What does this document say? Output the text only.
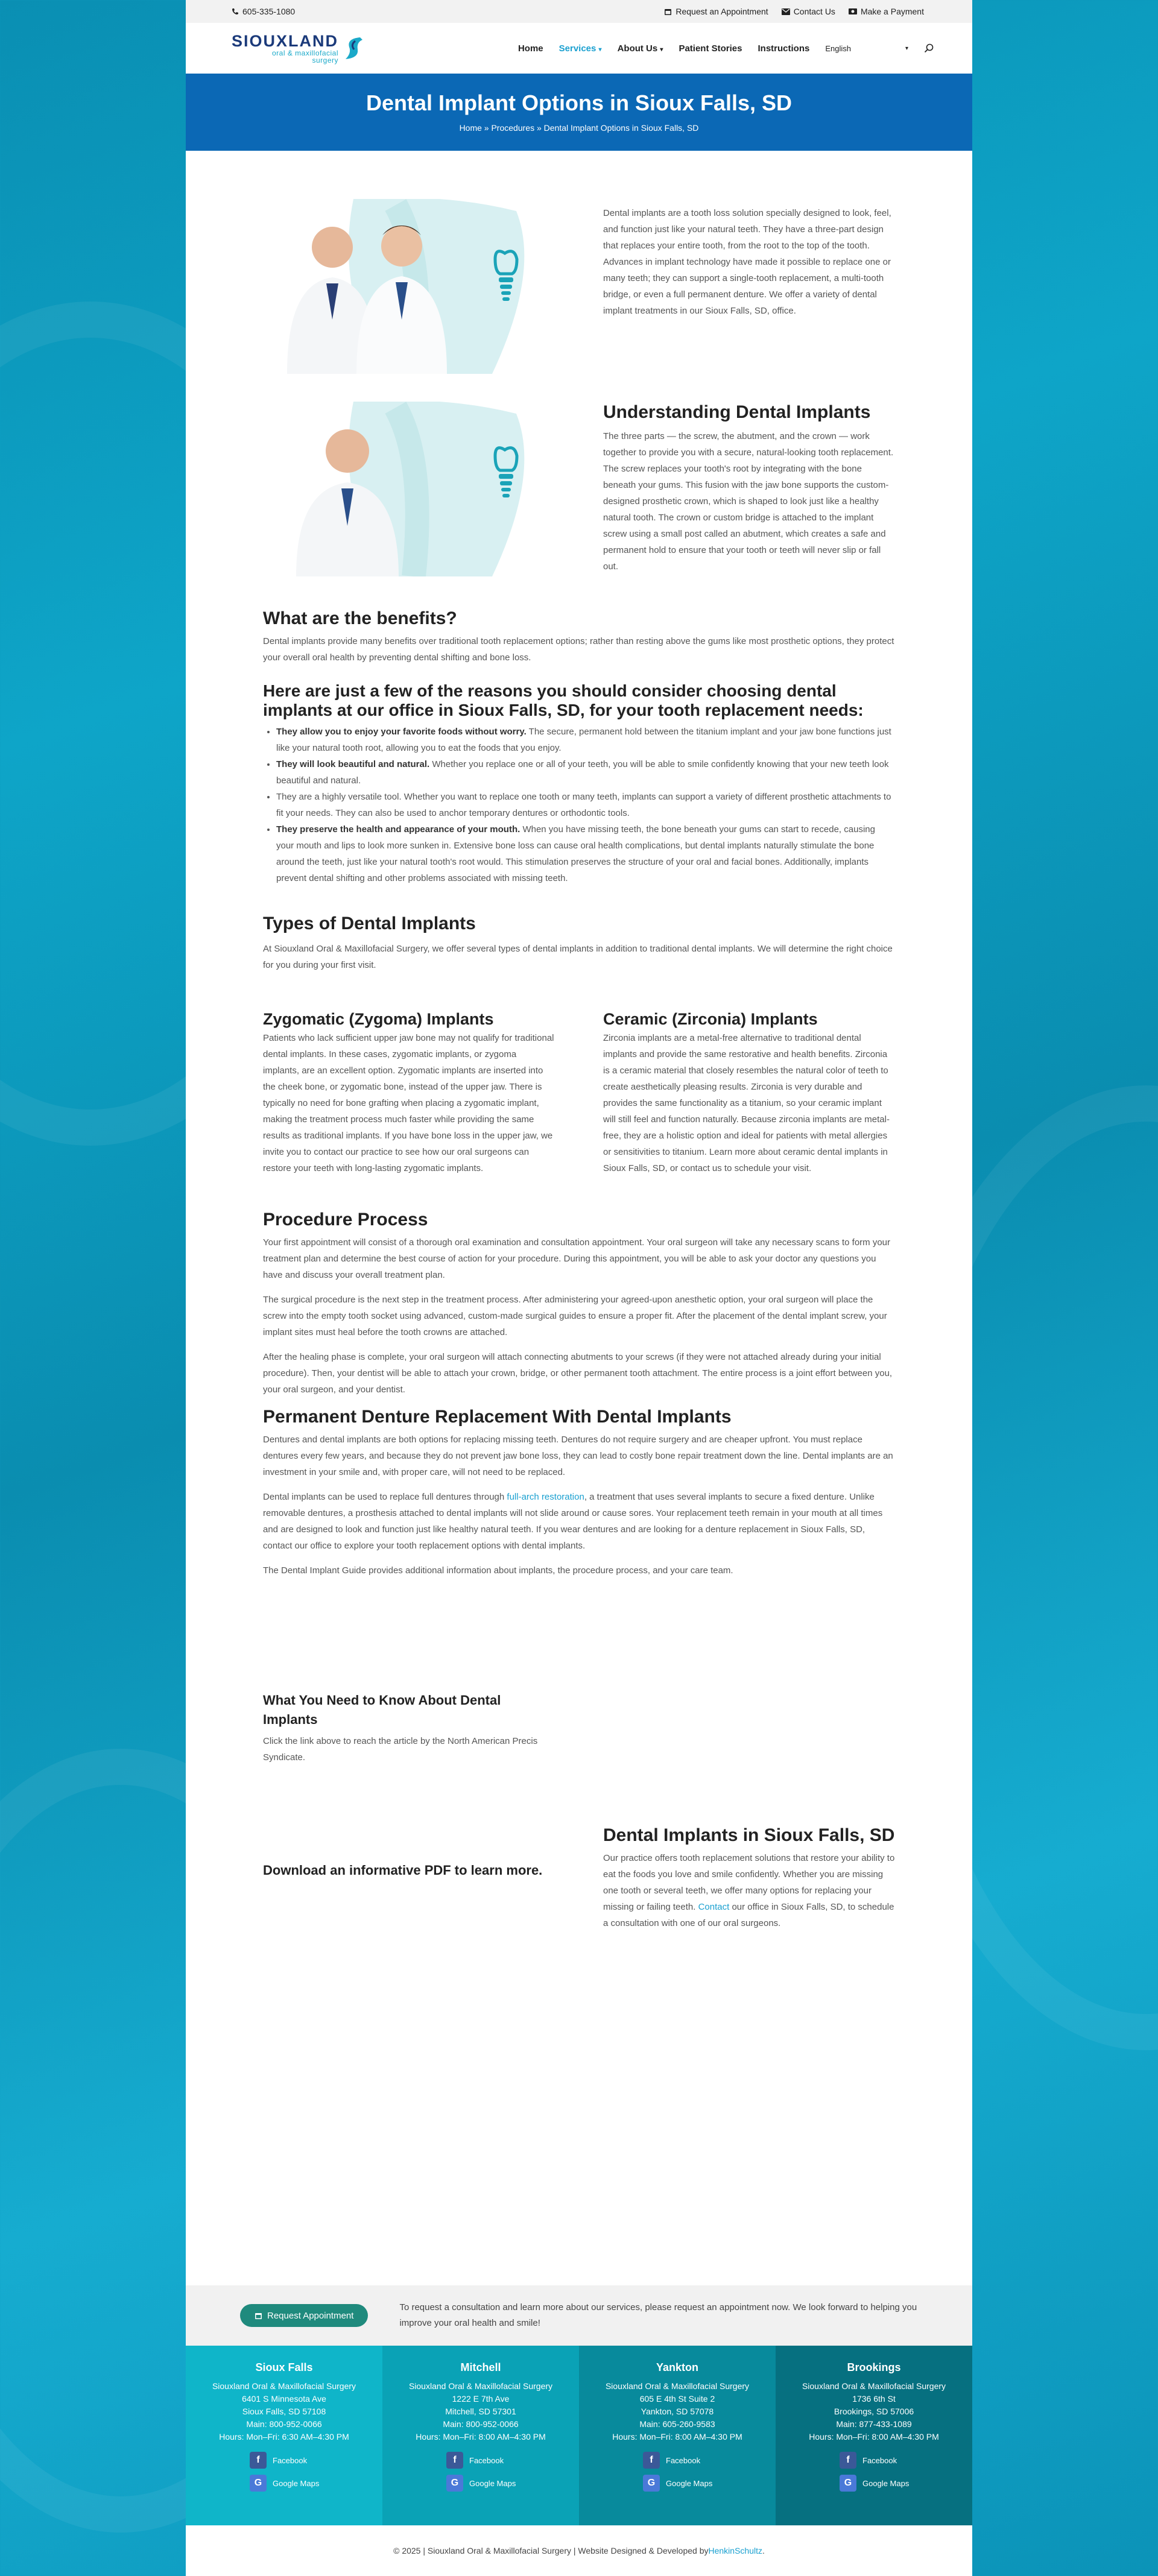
605-335-1080	Request an Appointment	Contact Us	Make a Payment
SIOUXLAND
oral & maxillofacial
surgery
Home Services ▾ About Us ▾ Patient Stories Instructions English	▾
Dental Implant Options in Sioux Falls, SD
Home » Procedures » Dental Implant Options in Sioux Falls, SD

Dental implants are a tooth loss solution specially designed to look, feel, and function just like your natural teeth. They have a three-part design that replaces your entire tooth, from the root to the top of the tooth. Advances in implant technology have made it possible to replace one or many teeth; they can support a single-tooth replacement, a multi-tooth bridge, or even a full permanent denture. We offer a variety of dental implant treatments in our Sioux Falls, SD, office.

Understanding Dental Implants

The three parts — the screw, the abutment, and the crown — work together to provide you with a secure, natural-looking tooth replacement. The screw replaces your tooth's root by integrating with the bone beneath your gums. This fusion with the jaw bone supports the custom-designed prosthetic crown, which is shaped to look just like a healthy natural tooth. The crown or custom bridge is attached to the implant screw using a small post called an abutment, which creates a safe and permanent hold to ensure that your tooth or teeth will never slip or fall out.

What are the benefits?

Dental implants provide many benefits over traditional tooth replacement options; rather than resting above the gums like most prosthetic options, they protect your overall oral health by preventing dental shifting and bone loss.

Here are just a few of the reasons you should consider choosing dental implants at our office in Sioux Falls, SD, for your tooth replacement needs:
• They allow you to enjoy your favorite foods without worry. The secure, permanent hold between the titanium implant and your jaw bone functions just like your natural tooth root, allowing you to eat the foods that you enjoy.
• They will look beautiful and natural. Whether you replace one or all of your teeth, you will be able to smile confidently knowing that your new teeth look beautiful and natural.
• They are a highly versatile tool. Whether you want to replace one tooth or many teeth, implants can support a variety of different prosthetic attachments to fit your needs. They can also be used to anchor temporary dentures or orthodontic tools.
• They preserve the health and appearance of your mouth. When you have missing teeth, the bone beneath your gums can start to recede, causing your mouth and lips to look more sunken in. Extensive bone loss can cause oral health complications, but dental implants naturally stimulate the bone around the teeth, just like your natural tooth's root would. This stimulation preserves the structure of your oral and facial bones. Additionally, implants prevent dental shifting and other problems associated with missing teeth.
Types of Dental Implants

At Siouxland Oral & Maxillofacial Surgery, we offer several types of dental implants in addition to traditional dental implants. We will determine the right choice for you during your first visit.

Zygomatic (Zygoma) Implants

Patients who lack sufficient upper jaw bone may not qualify for traditional dental implants. In these cases, zygomatic implants, or zygoma implants, are an excellent option. Zygomatic implants are inserted into the cheek bone, or zygomatic bone, instead of the upper jaw. There is typically no need for bone grafting when placing a zygomatic implant, making the treatment process much faster while providing the same results as traditional implants. If you have bone loss in the upper jaw, we invite you to contact our practice to see how our oral surgeons can restore your teeth with long-lasting zygomatic implants.

Ceramic (Zirconia) Implants

Zirconia implants are a metal-free alternative to traditional dental implants and provide the same restorative and health benefits. Zirconia is a ceramic material that closely resembles the natural color of teeth to create aesthetically pleasing results. Zirconia is very durable and provides the same functionality as a titanium, so your ceramic implant will still feel and function naturally. Because zirconia implants are metal-free, they are a holistic option and ideal for patients with metal allergies or sensitivities to titanium. Learn more about ceramic dental implants in Sioux Falls, SD, or contact us to schedule your visit.

Procedure Process

Your first appointment will consist of a thorough oral examination and consultation appointment. Your oral surgeon will take any necessary scans to form your treatment plan and determine the best course of action for your procedure. During this appointment, you will be able to ask your doctor any questions you have and discuss your overall treatment plan.

The surgical procedure is the next step in the treatment process. After administering your agreed-upon anesthetic option, your oral surgeon will place the screw into the empty tooth socket using advanced, custom-made surgical guides to ensure a proper fit. After the placement of the dental implant screw, your implant sites must heal before the tooth crowns are attached.

After the healing phase is complete, your oral surgeon will attach connecting abutments to your screws (if they were not attached already during your initial procedure). Then, your dentist will be able to attach your crown, bridge, or other permanent tooth attachment. The entire process is a joint effort between you, your oral surgeon, and your dentist.

Permanent Denture Replacement With Dental Implants

Dentures and dental implants are both options for replacing missing teeth. Dentures do not require surgery and are cheaper upfront. You must replace dentures every few years, and because they do not prevent jaw bone loss, they can lead to costly bone repair treatment down the line. Dental implants are an investment in your smile and, with proper care, will not need to be replaced.

Dental implants can be used to replace full dentures through full-arch restoration, a treatment that uses several implants to secure a fixed denture. Unlike removable dentures, a prosthesis attached to dental implants will not slide around or cause sores. Your replacement teeth remain in your mouth at all times and are designed to look and function just like healthy natural teeth. If you wear dentures and are looking for a denture replacement in Sioux Falls, SD, contact our office to explore your tooth replacement options with dental implants.

The Dental Implant Guide provides additional information about implants, the procedure process, and your care team.

What You Need to Know About Dental Implants

Click the link above to reach the article by the North American Precis Syndicate.

Download an informative PDF to learn more.
Dental Implants in Sioux Falls, SD

Our practice offers tooth replacement solutions that restore your ability to eat the foods you love and smile confidently. Whether you are missing one tooth or several teeth, we offer many options for replacing your missing or failing teeth. Contact our office in Sioux Falls, SD, to schedule a consultation with one of our oral surgeons.

Request Appointment

To request a consultation and learn more about our services, please request an appointment now. We look forward to helping you improve your oral health and smile!

Sioux Falls
Siouxland Oral & Maxillofacial Surgery
6401 S Minnesota Ave
Sioux Falls, SD 57108
Main: 800-952-0066
Hours: Mon–Fri: 6:30 AM–4:30 PM
f	Facebook
G	Google Maps
Mitchell
Siouxland Oral & Maxillofacial Surgery
1222 E 7th Ave
Mitchell, SD 57301
Main: 800-952-0066
Hours: Mon–Fri: 8:00 AM–4:30 PM
f	Facebook
G	Google Maps
Yankton
Siouxland Oral & Maxillofacial Surgery
605 E 4th St Suite 2
Yankton, SD 57078
Main: 605-260-9583
Hours: Mon–Fri: 8:00 AM–4:30 PM
f	Facebook
G	Google Maps
Brookings
Siouxland Oral & Maxillofacial Surgery
1736 6th St
Brookings, SD 57006
Main: 877-433-1089
Hours: Mon–Fri: 8:00 AM–4:30 PM
f	Facebook
G	Google Maps
© 2025 | Siouxland Oral & Maxillofacial Surgery | Website Designed & Developed by HenkinSchultz .
